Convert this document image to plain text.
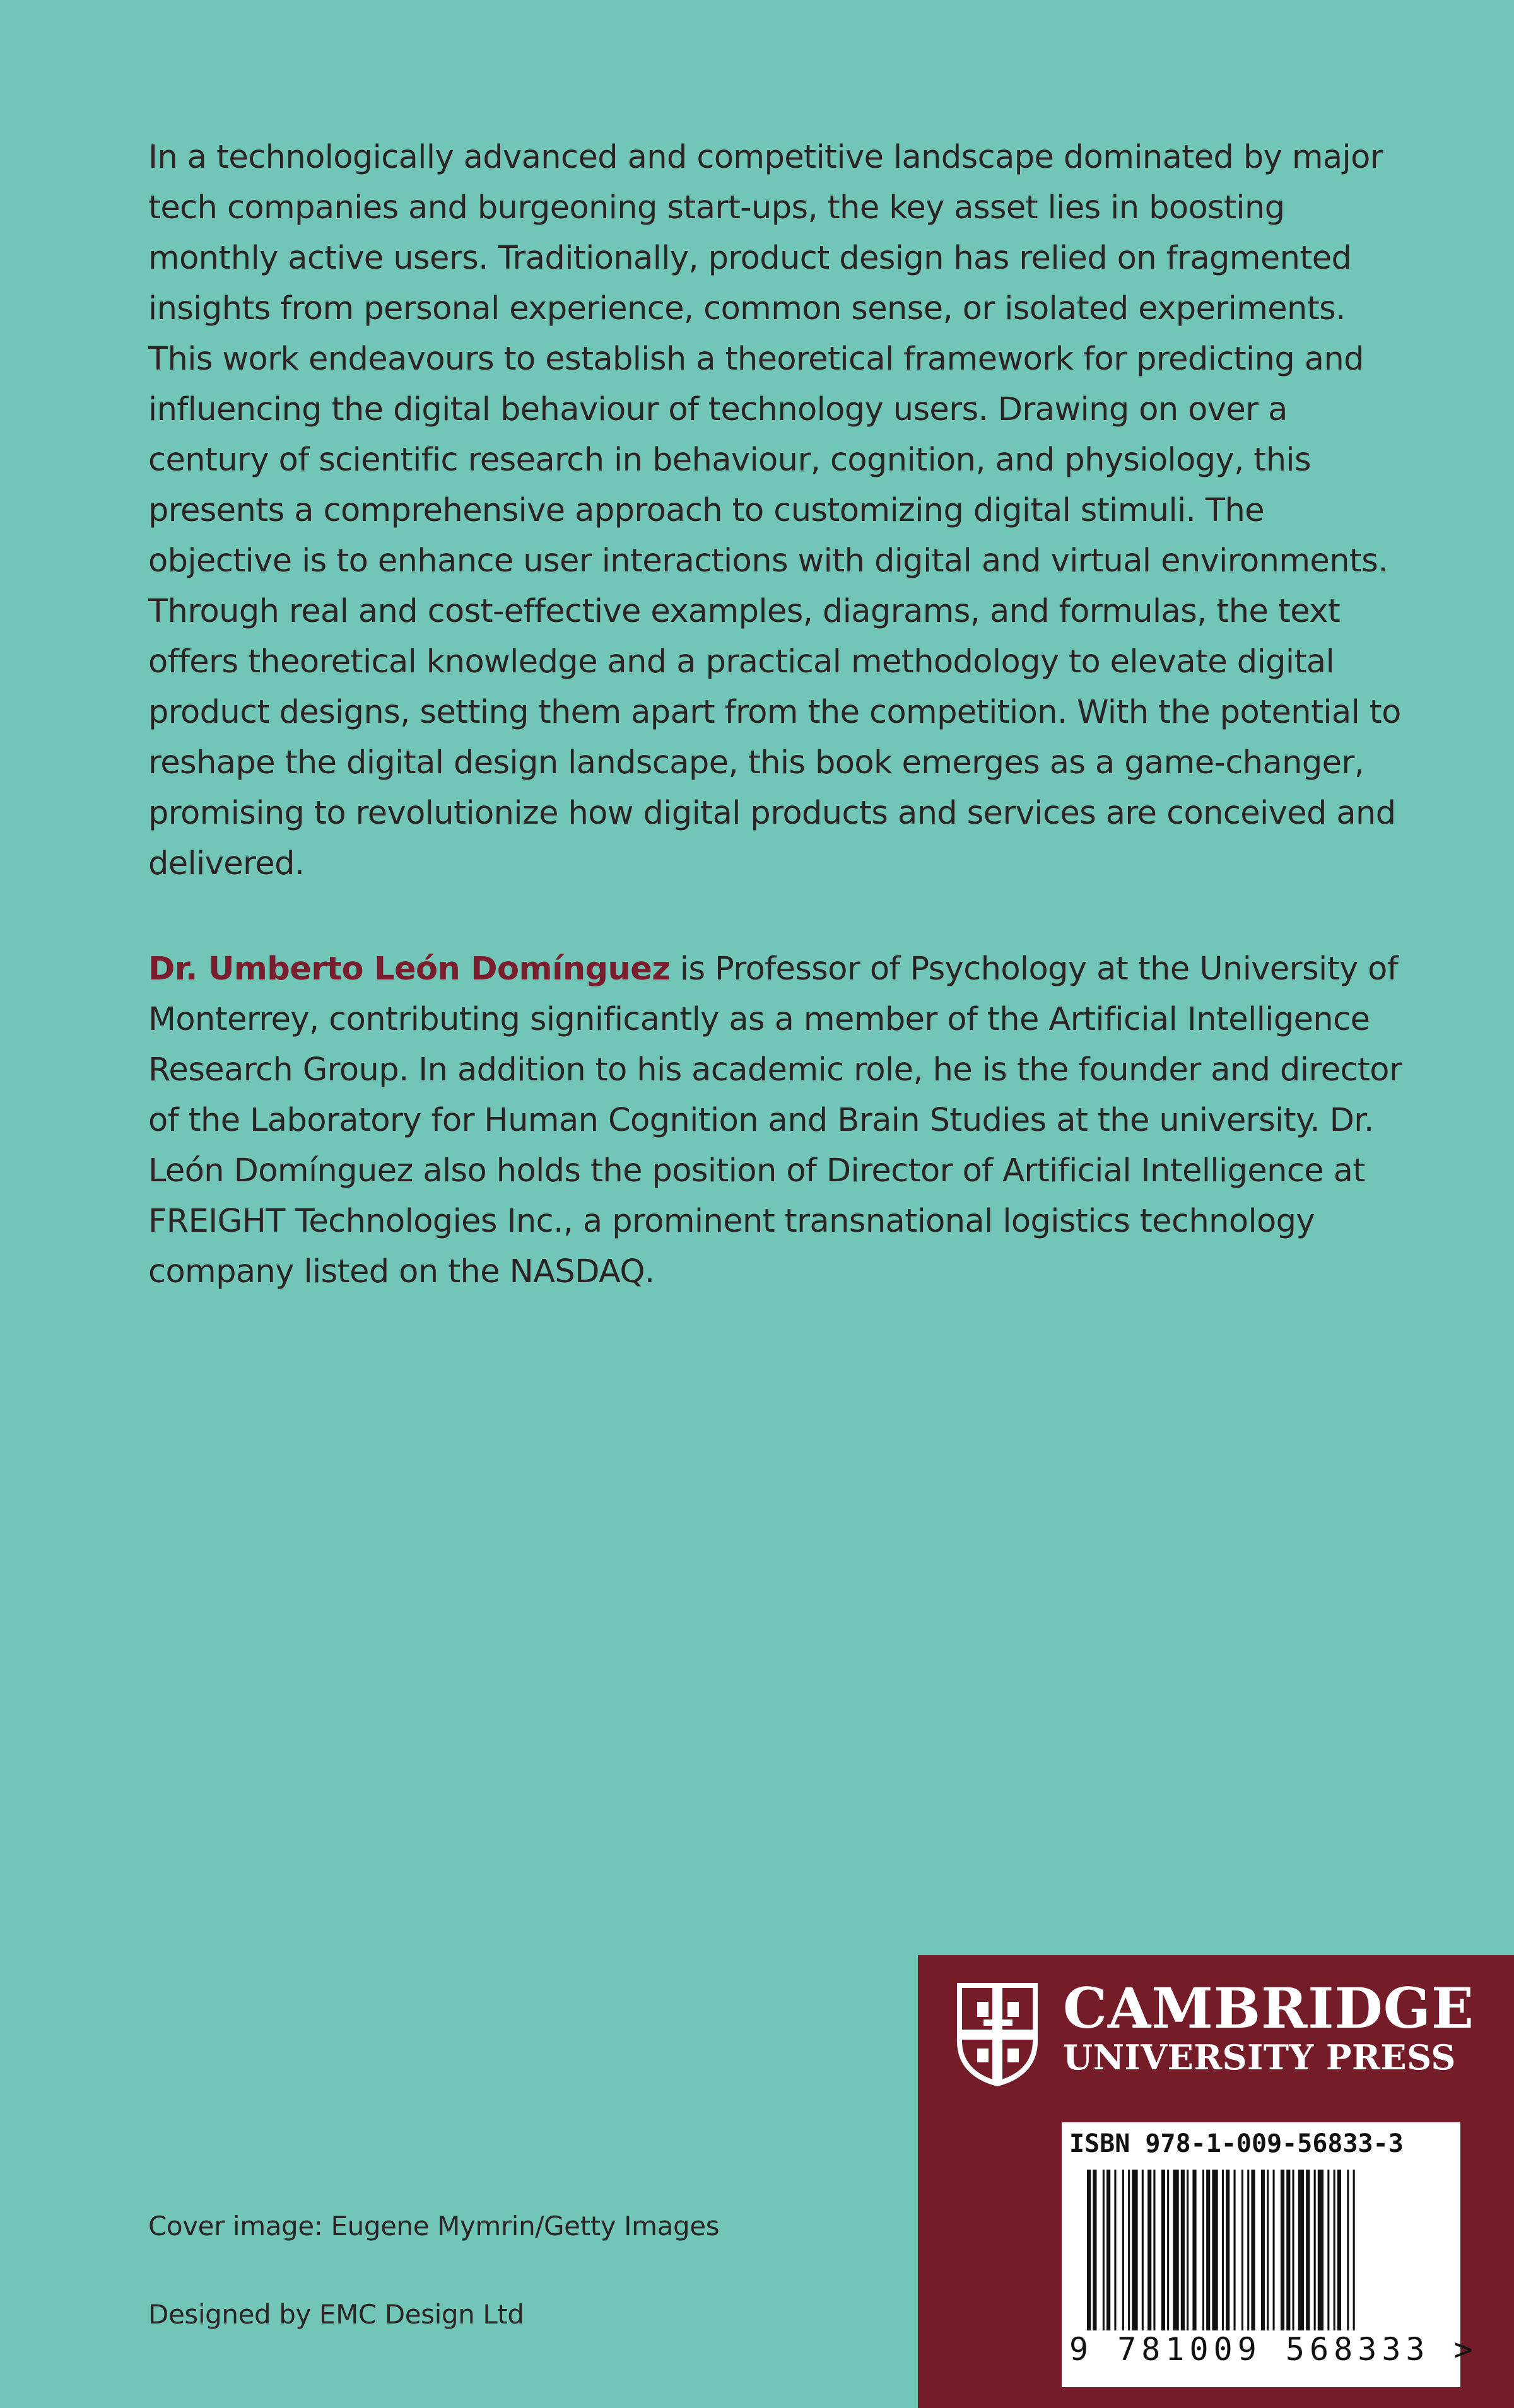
In a technologically advanced and competitive landscape dominated by major tech companies and burgeoning start-ups, the key asset lies in boosting monthly active users. Traditionally, product design has relied on fragmented insights from personal experience, common sense, or isolated experiments. This work endeavours to establish a theoretical framework for predicting and influencing the digital behaviour of technology users. Drawing on over a century of scientific research in behaviour, cognition, and physiology, this presents a comprehensive approach to customizing digital stimuli. The objective is to enhance user interactions with digital and virtual environments. Through real and cost-effective examples, diagrams, and formulas, the text offers theoretical knowledge and a practical methodology to elevate digital product designs, setting them apart from the competition. With the potential to reshape the digital design landscape, this book emerges as a game-changer, promising to revolutionize how digital products and services are conceived and delivered.

Dr. Umberto León Domínguez is Professor of Psychology at the University of Monterrey, contributing significantly as a member of the Artificial Intelligence Research Group. In addition to his academic role, he is the founder and director of the Laboratory for Human Cognition and Brain Studies at the university. Dr. León Domínguez also holds the position of Director of Artificial Intelligence at FREIGHT Technologies Inc., a prominent transnational logistics technology company listed on the NASDAQ.

Cover image: Eugene Mymrin/Getty Images
Designed by EMC Design Ltd
CAMBRIDGE
UNIVERSITY PRESS
ISBN 978-1-009-56833-3
9 781009 568333 >
